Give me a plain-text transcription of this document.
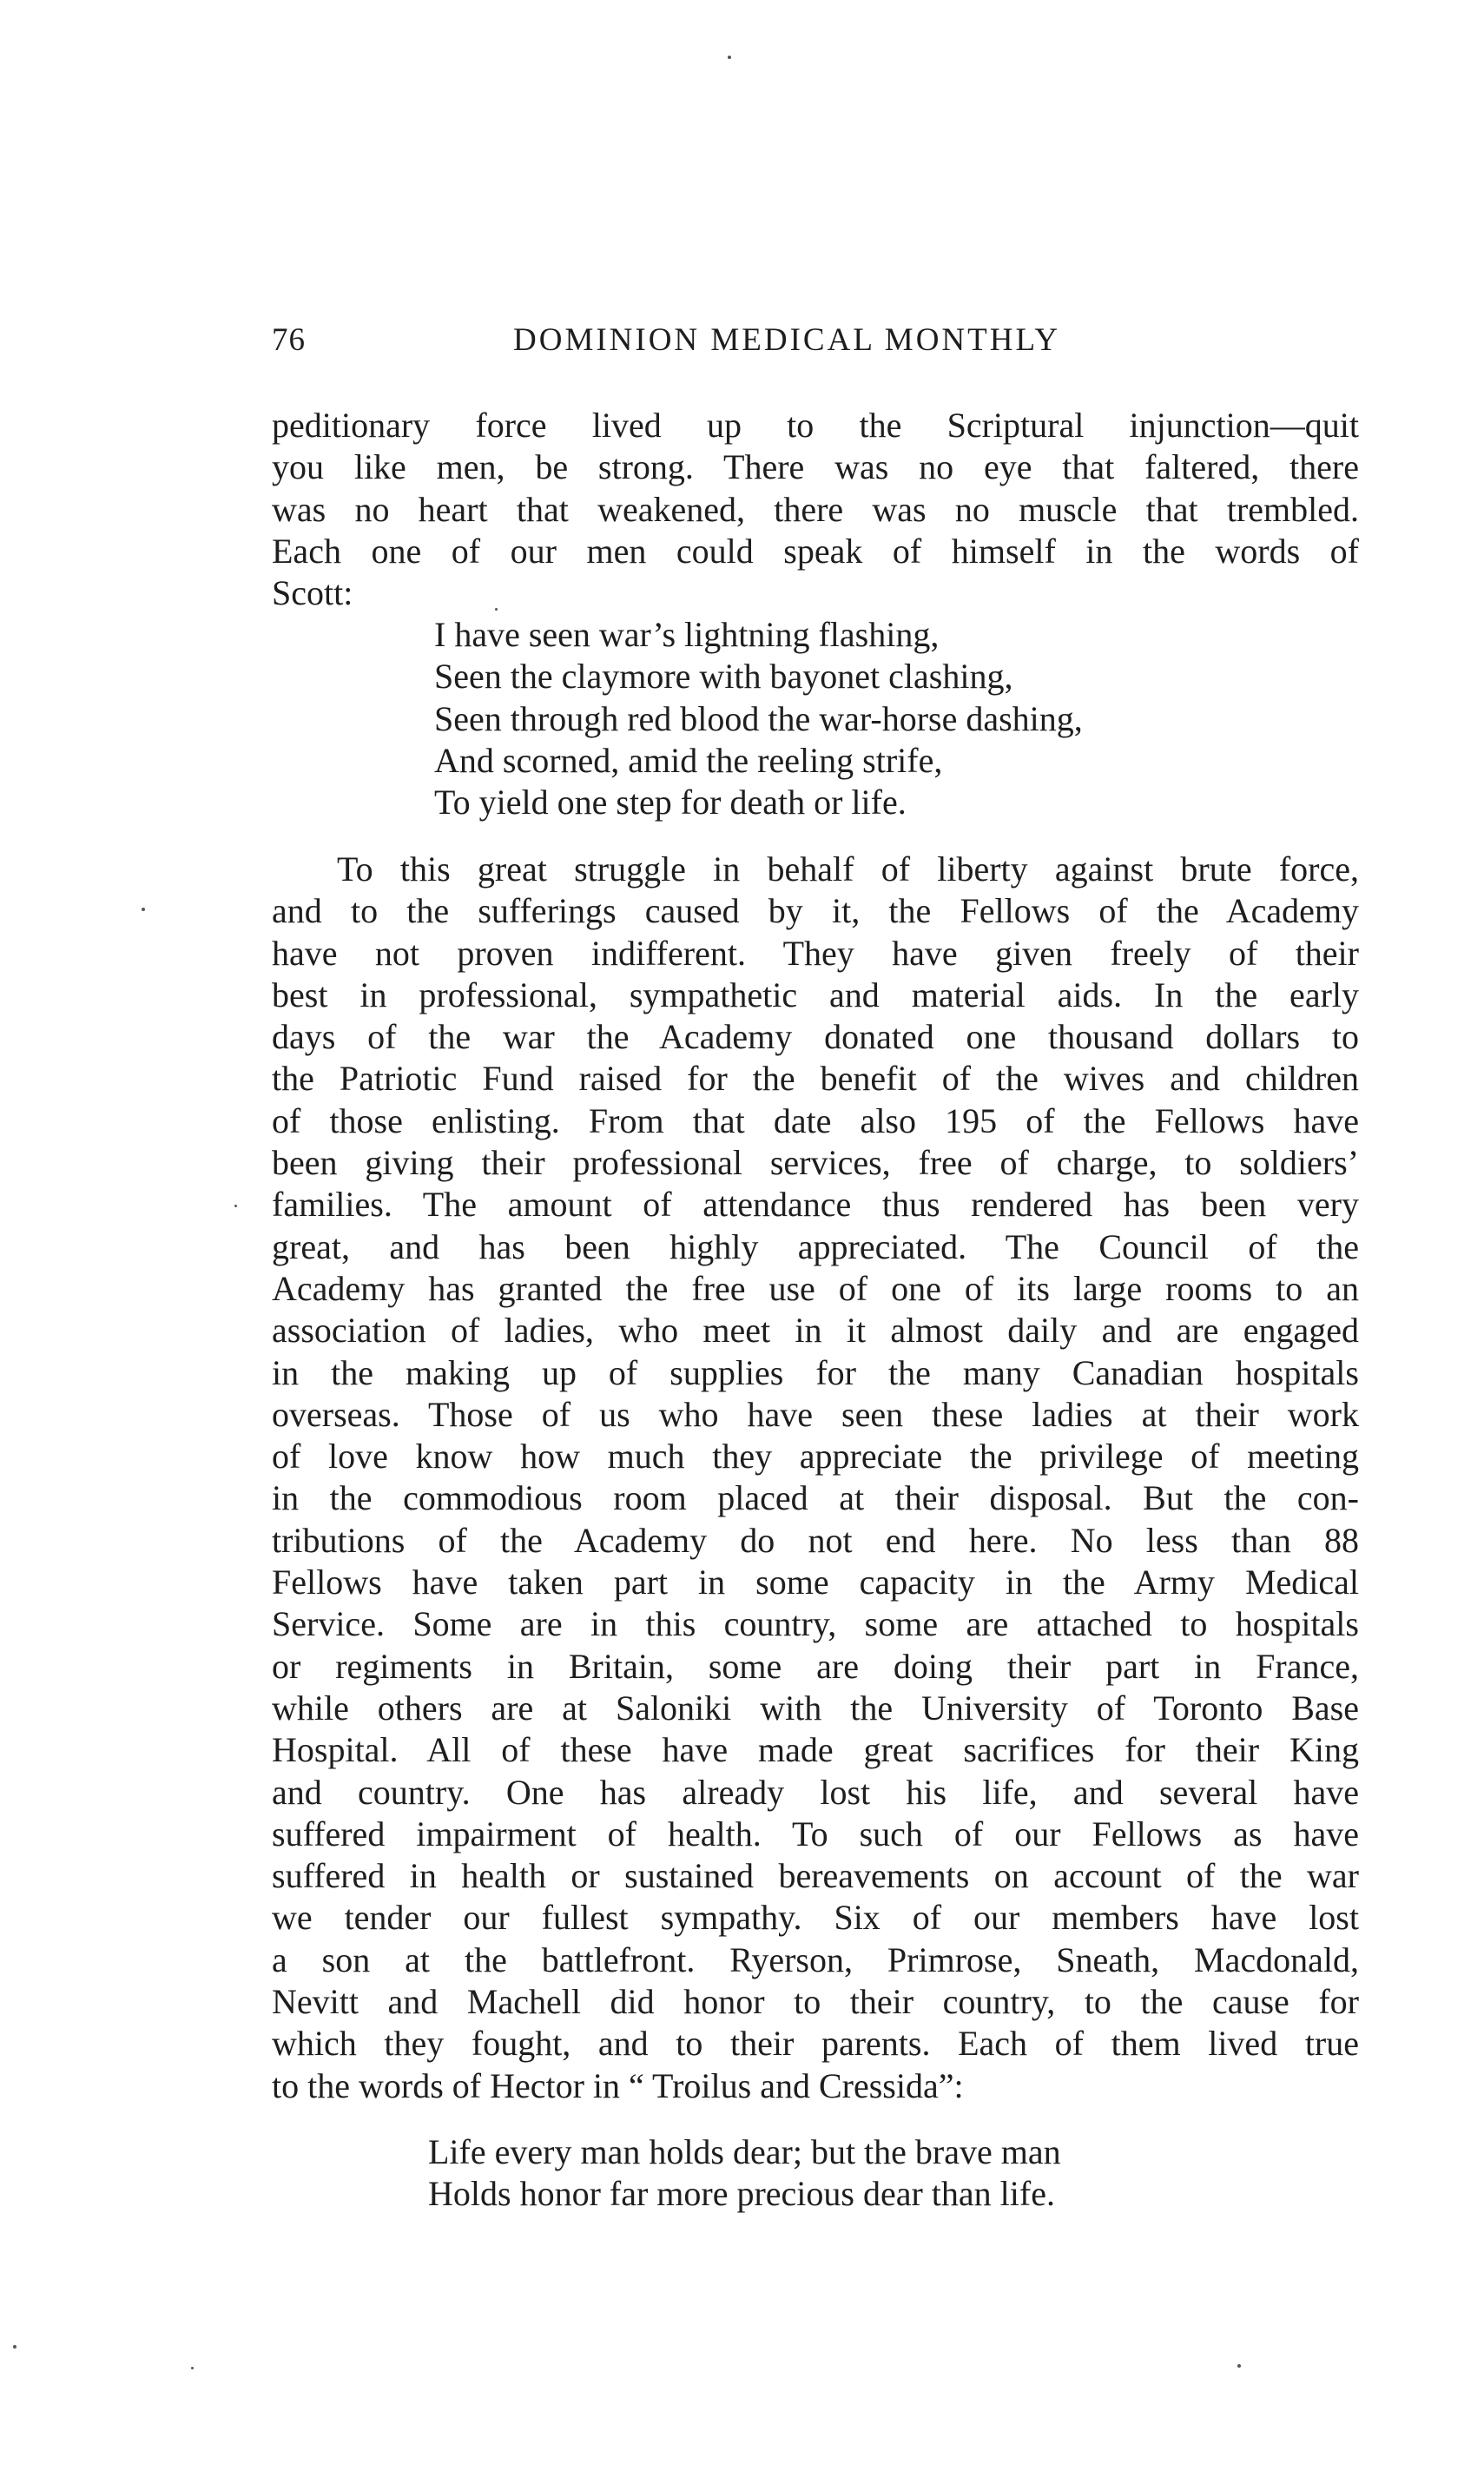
76	DOMINION MEDICAL MONTHLY
peditionary force lived up to the Scriptural injunction—quit
you like men, be strong. There was no eye that faltered, there
was no heart that weakened, there was no muscle that trembled.
Each one of our men could speak of himself in the words of
Scott:
I have seen war’s lightning flashing,
Seen the claymore with bayonet clashing,
Seen through red blood the war-horse dashing,
And scorned, amid the reeling strife,
To yield one step for death or life.
To this great struggle in behalf of liberty against brute force,
and to the sufferings caused by it, the Fellows of the Academy
have not proven indifferent. They have given freely of their
best in professional, sympathetic and material aids. In the early
days of the war the Academy donated one thousand dollars to
the Patriotic Fund raised for the benefit of the wives and children
of those enlisting. From that date also 195 of the Fellows have
been giving their professional services, free of charge, to soldiers’
families. The amount of attendance thus rendered has been very
great, and has been highly appreciated. The Council of the
Academy has granted the free use of one of its large rooms to an
association of ladies, who meet in it almost daily and are engaged
in the making up of supplies for the many Canadian hospitals
overseas. Those of us who have seen these ladies at their work
of love know how much they appreciate the privilege of meeting
in the commodious room placed at their disposal. But the con-
tributions of the Academy do not end here. No less than 88
Fellows have taken part in some capacity in the Army Medical
Service. Some are in this country, some are attached to hospitals
or regiments in Britain, some are doing their part in France,
while others are at Saloniki with the University of Toronto Base
Hospital. All of these have made great sacrifices for their King
and country. One has already lost his life, and several have
suffered impairment of health. To such of our Fellows as have
suffered in health or sustained bereavements on account of the war
we tender our fullest sympathy. Six of our members have lost
a son at the battlefront. Ryerson, Primrose, Sneath, Macdonald,
Nevitt and Machell did honor to their country, to the cause for
which they fought, and to their parents. Each of them lived true
to the words of Hector in “ Troilus and Cressida”:
Life every man holds dear; but the brave man
Holds honor far more precious dear than life.
